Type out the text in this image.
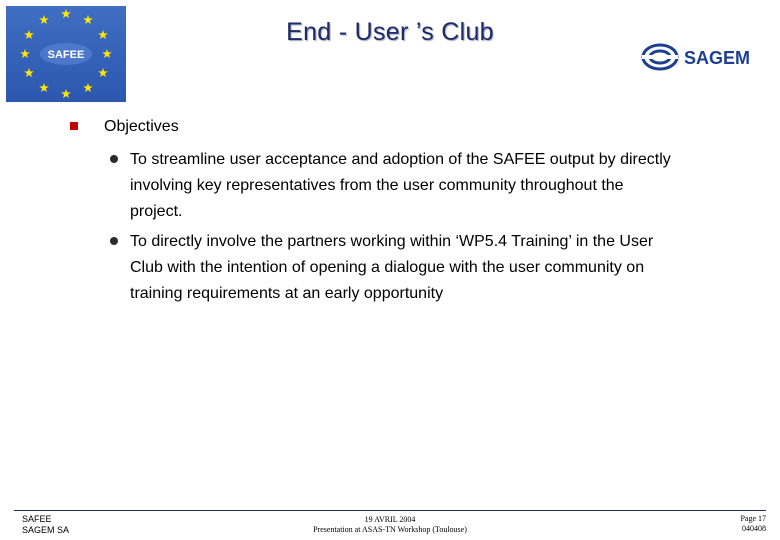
SAFEE
End - User ’s Club
SAGEM
Objectives
To streamline user acceptance and adoption of the SAFEE output by directly
involving key representatives from the user community throughout the
project.
To directly involve the partners working within ‘WP5.4 Training’ in the User
Club with the intention of opening a dialogue with the user community on
training requirements at an early opportunity
SAFEE
SAGEM SA
19 AVRIL 2004
Presentation at ASAS-TN Workshop (Toulouse)
Page 17
040408
